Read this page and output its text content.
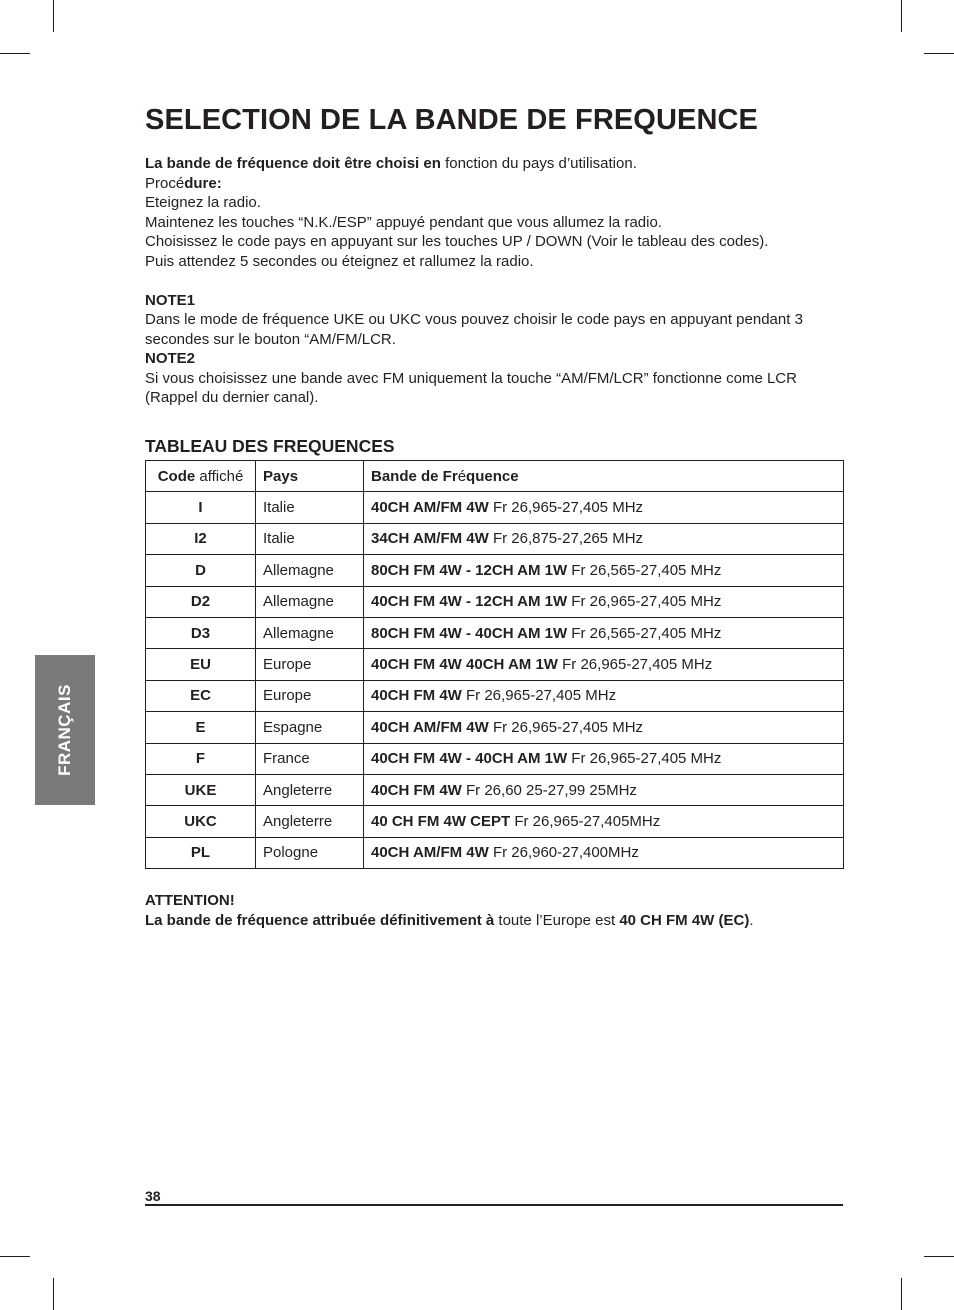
FRANÇAIS
SELECTION DE LA BANDE DE FREQUENCE

La bande de fréquence doit être choisi en fonction du pays d’utilisation.

Procédure:

Eteignez la radio.

Maintenez les touches “N.K./ESP” appuyé pendant que vous allumez la radio.

Choisissez le code pays en appuyant sur les touches UP / DOWN (Voir le tableau des codes).

Puis attendez 5 secondes ou éteignez et rallumez la radio.

NOTE1

Dans le mode de fréquence UKE ou UKC vous pouvez choisir le code pays en appuyant pendant 3 secondes sur le bouton “AM/FM/LCR.

NOTE2

Si vous choisissez une bande avec FM uniquement la touche “AM/FM/LCR” fonctionne come LCR (Rappel du dernier canal).

TABLEAU DES FREQUENCES
Code affiché	Pays	Bande de Fréquence
I	Italie	40CH AM/FM 4W Fr 26,965-27,405 MHz
I2	Italie	34CH AM/FM 4W Fr 26,875-27,265 MHz
D	Allemagne	80CH FM 4W - 12CH AM 1W Fr 26,565-27,405 MHz
D2	Allemagne	40CH FM 4W - 12CH AM 1W Fr 26,965-27,405 MHz
D3	Allemagne	80CH FM 4W - 40CH AM 1W Fr 26,565-27,405 MHz
EU	Europe	40CH FM 4W 40CH AM 1W Fr 26,965-27,405 MHz
EC	Europe	40CH FM 4W Fr 26,965-27,405 MHz
E	Espagne	40CH AM/FM 4W Fr 26,965-27,405 MHz
F	France	40CH FM 4W - 40CH AM 1W Fr 26,965-27,405 MHz
UKE	Angleterre	40CH FM 4W Fr 26,60 25-27,99 25MHz
UKC	Angleterre	40 CH FM 4W CEPT Fr 26,965-27,405MHz
PL	Pologne	40CH AM/FM 4W Fr 26,960-27,400MHz

ATTENTION!

La bande de fréquence attribuée définitivement à toute l’Europe est 40 CH FM 4W (EC).

38
